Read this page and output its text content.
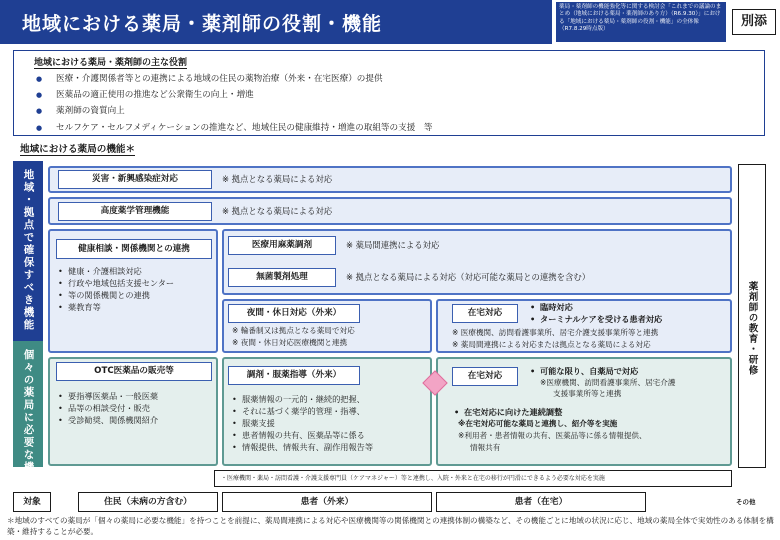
地域における薬局・薬剤師の役割・機能
薬局・薬剤師の機能強化等に関する検討会「これまでの議論のまとめ（地域における薬局・薬剤師のあり方）（R6.9.30）」における「地域における薬局・薬剤師の役割・機能」の全体像（R7.8.29時点版）
別添
地域における薬局・薬剤師の主な役割
● 医療・介護関係者等との連携による地域の住民の薬物治療（外来・在宅医療）の提供
● 医薬品の適正使用の推進など公衆衛生の向上・増進
● 薬剤師の資質向上
● セルフケア・セルフメディケーションの推進など、地域住民の健康維持・増進の取組等の支援　等
地域における薬局の機能＊
地域・拠点で確保すべき機能
個々の薬局に必要な機能
薬剤師の教育・研修
災害・新興感染症対応	※ 拠点となる薬局による対応
高度薬学管理機能	※ 拠点となる薬局による対応
健康相談・関係機関との連携
• 健康・介護相談対応
• 行政や地域包括支援センター
• 等の関係機関との連携
• 薬教育等
医療用麻薬調剤	※ 薬局間連携による対応
無菌製剤処理	※ 拠点となる薬局による対応（対応可能な薬局との連携を含む）
夜間・休日対応（外来）
※ 輪番制又は拠点となる薬局で対応
※ 夜間・休日対応医療機関と連携
在宅対応
• 臨時対応
• ターミナルケアを受ける患者対応
※ 医療機関、訪問看護事業所、居宅介護支援事業所等と連携
※ 薬局間連携による対応または拠点となる薬局による対応
OTC医薬品の販売等
• 要指導医薬品・一般医薬
• 品等の相談受付・販売
• 受診勧奨、関係機関紹介
調剤・服薬指導（外来）
• 服薬情報の一元的・継続的把握、
• それに基づく薬学的管理・指導、
• 服薬支援
• 患者情報の共有、医薬品等に係る
• 情報提供、情報共有、副作用報告等
在宅対応
•	可能な限り、自薬局で対応
※医療機関、訪問看護事業所、居宅介護
支援事業所等と連携
• 在宅対応に向けた連続調整
※在宅対応可能な薬局と連携し、紹介等を実施
※利用者・患者情報の共有、医薬品等に係る情報提供、
情報共有
・医療機関・薬局・訪問看護・介護支援専門員（ケアマネジャー）等と連携し、入院・外来と在宅の移行が円滑にできるよう必要な対応を実施
対象	住民（未病の方含む）	患者（外来）	患者（在宅）	その他
＊地域のすべての薬局が「個々の薬局に必要な機能」を持つことを前提に、薬局間連携による対応や医療機関等の関係機関との連携体制の構築など、その機能ごとに地域の状況に応じ、地域の薬局全体で実効性のある体制を構築・維持することが必要。
